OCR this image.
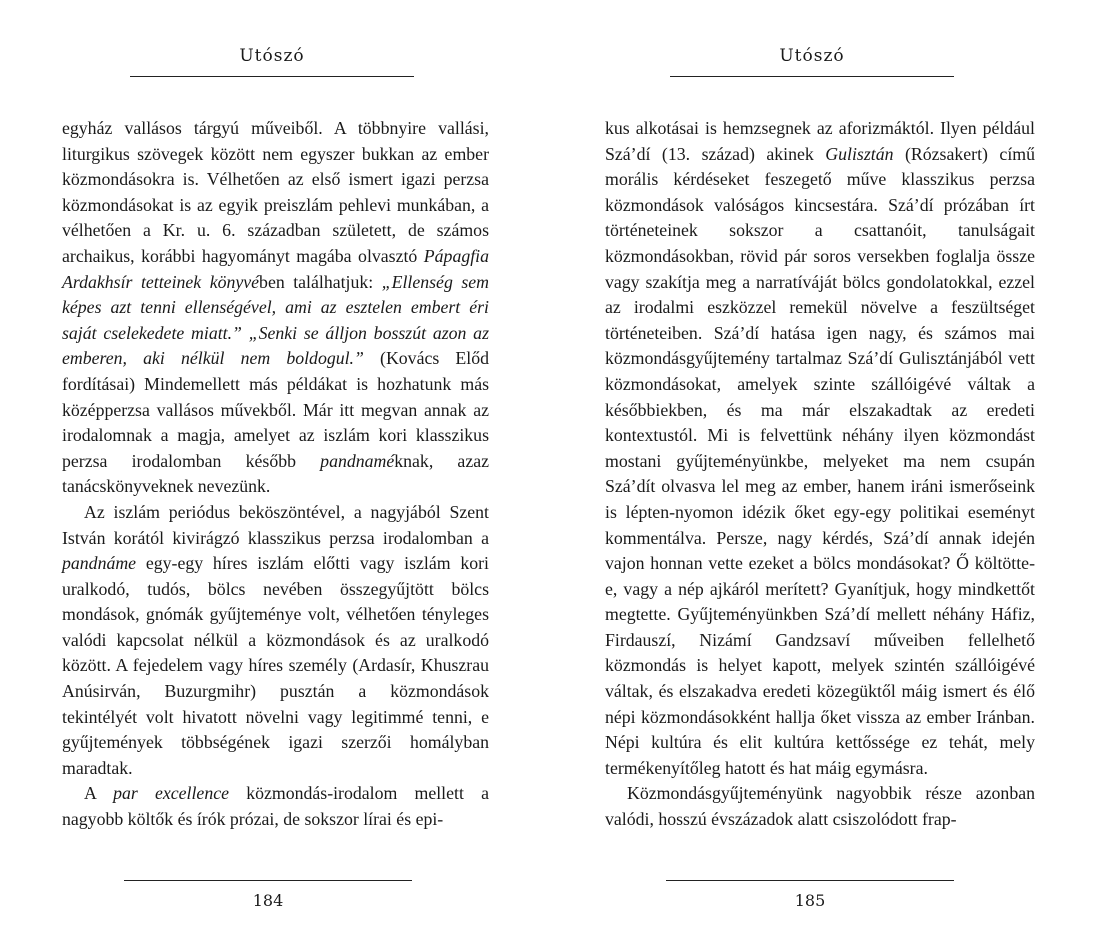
Utószó

egyház vallásos tárgyú műveiből. A többnyire vallási, liturgikus szövegek között nem egyszer bukkan az ember közmondásokra is. Vélhetően az első ismert igazi perzsa közmondásokat is az egyik preiszlám pehlevi munkában, a vélhetően a Kr. u. 6. században született, de számos archaikus, korábbi hagyományt magába olvasztó Pápagfia Ardakhsír tetteinek könyvében találhatjuk: „Ellenség sem képes azt tenni ellenségével, ami az esztelen embert éri saját cselekedete miatt.” „Senki se álljon bosszút azon az emberen, aki nélkül nem boldogul.” (Kovács Előd fordításai) Mindemellett más példákat is hozhatunk más középperzsa vallásos művekből. Már itt megvan annak az irodalomnak a magja, amelyet az iszlám kori klasszikus perzsa irodalomban később pandnaméknak, azaz tanácskönyveknek nevezünk.

Az iszlám periódus beköszöntével, a nagyjából Szent István korától kivirágzó klasszikus perzsa irodalomban a pandnáme egy-egy híres iszlám előtti vagy iszlám kori uralkodó, tudós, bölcs nevében összegyűjtött bölcs mondások, gnómák gyűjteménye volt, vélhetően tényleges valódi kapcsolat nélkül a közmondások és az uralkodó között. A fejedelem vagy híres személy (Ardasír, Khuszrau Anúsirván, Buzurgmihr) pusztán a közmondások tekintélyét volt hivatott növelni vagy legitimmé tenni, e gyűjtemények többségének igazi szerzői homályban maradtak.

A par excellence közmondás-irodalom mellett a nagyobb költők és írók prózai, de sokszor lírai és epi-

184
Utószó

kus alkotásai is hemzsegnek az aforizmáktól. Ilyen például Szá’dí (13. század) akinek Gulisztán (Rózsakert) című morális kérdéseket feszegető műve klasszikus perzsa közmondások valóságos kincsestára. Szá’dí prózában írt történeteinek sokszor a csattanóit, tanulságait közmondásokban, rövid pár soros versekben foglalja össze vagy szakítja meg a narratíváját bölcs gondolatokkal, ezzel az irodalmi eszközzel remekül növelve a feszültséget történeteiben. Szá’dí hatása igen nagy, és számos mai közmondásgyűjtemény tartalmaz Szá’dí Gulisztánjából vett közmondásokat, amelyek szinte szállóigévé váltak a későbbiekben, és ma már elszakadtak az eredeti kontextustól. Mi is felvettünk néhány ilyen közmondást mostani gyűjteményünkbe, melyeket ma nem csupán Szá’dít olvasva lel meg az ember, hanem iráni ismerőseink is lépten-nyomon idézik őket egy-egy politikai eseményt kommentálva. Persze, nagy kérdés, Szá’dí annak idején vajon honnan vette ezeket a bölcs mondásokat? Ő költötte-e, vagy a nép ajkáról merített? Gyanítjuk, hogy mindkettőt megtette. Gyűjteményünkben Szá’dí mellett néhány Háfiz, Firdauszí, Nizámí Gandzsaví műveiben fellelhető közmondás is helyet kapott, melyek szintén szállóigévé váltak, és elszakadva eredeti közegüktől máig ismert és élő népi közmondásokként hallja őket vissza az ember Iránban. Népi kultúra és elit kultúra kettőssége ez tehát, mely termékenyítőleg hatott és hat máig egymásra.

Közmondásgyűjteményünk nagyobbik része azonban valódi, hosszú évszázadok alatt csiszolódott frap-

185
